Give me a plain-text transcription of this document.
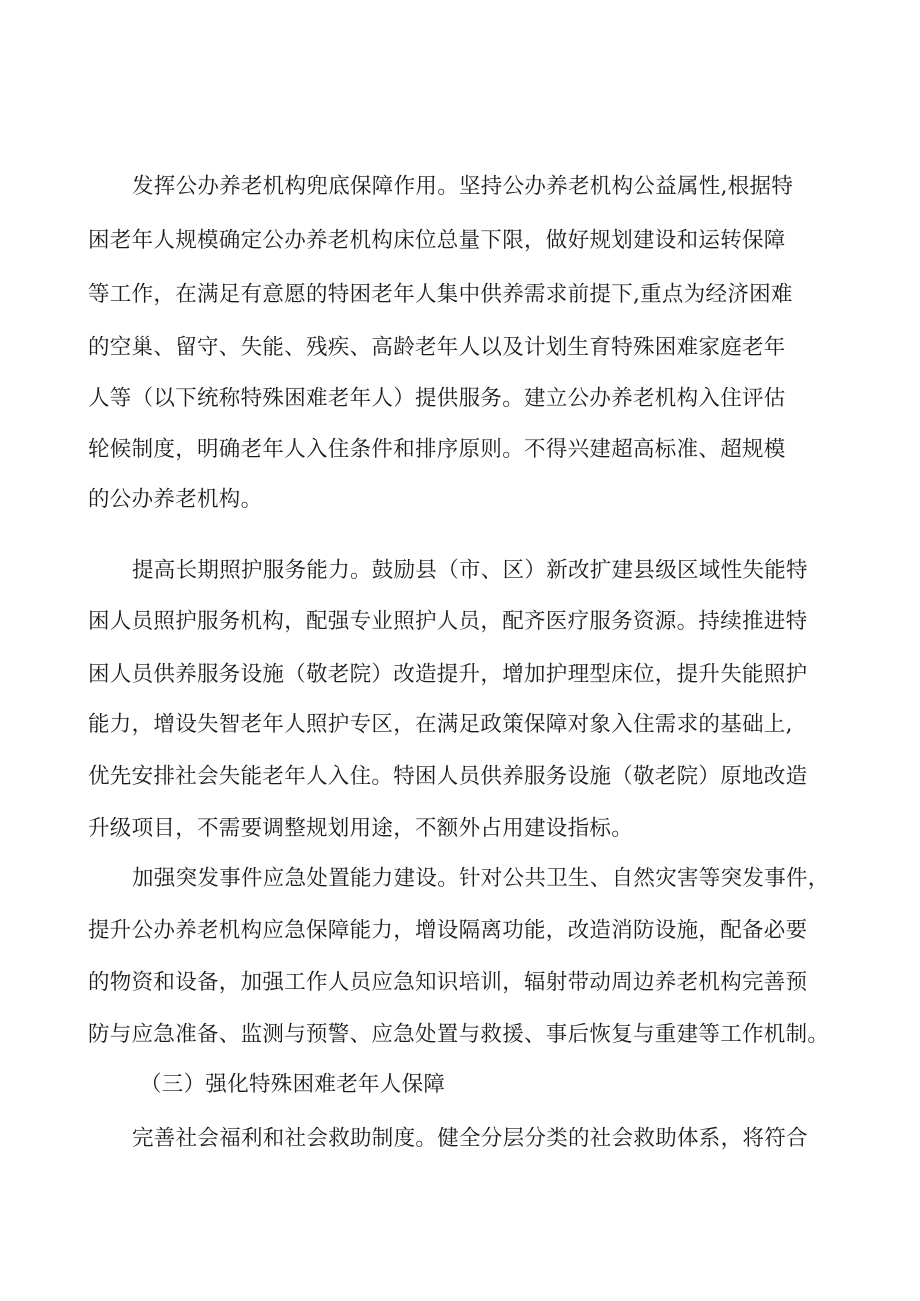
发挥公办养老机构兜底保障作用。坚持公办养老机构公益属性,根据特
困老年人规模确定公办养老机构床位总量下限，做好规划建设和运转保障
等工作，在满足有意愿的特困老年人集中供养需求前提下,重点为经济困难
的空巢、留守、失能、残疾、高龄老年人以及计划生育特殊困难家庭老年
人等（以下统称特殊困难老年人）提供服务。建立公办养老机构入住评估
轮候制度，明确老年人入住条件和排序原则。不得兴建超高标准、超规模
的公办养老机构。
提高长期照护服务能力。鼓励县（市、区）新改扩建县级区域性失能特
困人员照护服务机构，配强专业照护人员，配齐医疗服务资源。持续推进特
困人员供养服务设施（敬老院）改造提升，增加护理型床位，提升失能照护
能力，增设失智老年人照护专区，在满足政策保障对象入住需求的基础上,
优先安排社会失能老年人入住。特困人员供养服务设施（敬老院）原地改造
升级项目，不需要调整规划用途，不额外占用建设指标。
加强突发事件应急处置能力建设。针对公共卫生、自然灾害等突发事件，
提升公办养老机构应急保障能力，增设隔离功能，改造消防设施，配备必要
的物资和设备，加强工作人员应急知识培训，辐射带动周边养老机构完善预
防与应急准备、监测与预警、应急处置与救援、事后恢复与重建等工作机制。
（三）强化特殊困难老年人保障
完善社会福利和社会救助制度。健全分层分类的社会救助体系，将符合
